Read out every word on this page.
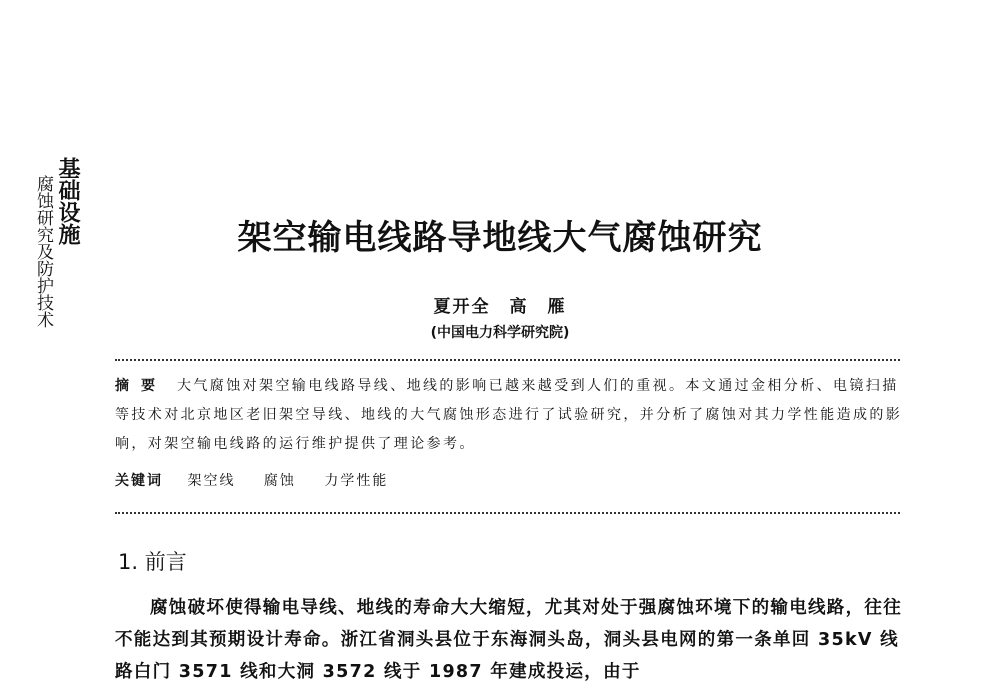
基础设施
腐蚀研究及防护技术	架空输电线路导地线大气腐蚀研究
夏开全　高　雁
(中国电力科学研究院)
摘要 大气腐蚀对架空输电线路导线、地线的影响已越来越受到人们的重视。本文通过金相分析、电镜扫描等技术对北京地区老旧架空导线、地线的大气腐蚀形态进行了试验研究，并分析了腐蚀对其力学性能造成的影响，对架空输电线路的运行维护提供了理论参考。
关键词 架空线 腐蚀 力学性能
1. 前言
腐蚀破坏使得输电导线、地线的寿命大大缩短，尤其对处于强腐蚀环境下的输电线路，往往不能达到其预期设计寿命。浙江省洞头县位于东海洞头岛，洞头县电网的第一条单回 35kV 线路白门 3571 线和大洞 3572 线于 1987 年建成投运，由于
